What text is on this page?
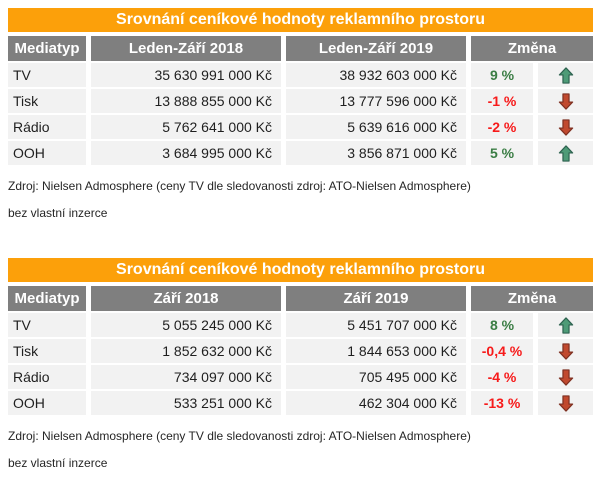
Srovnání ceníkové hodnoty reklamního prostoru
Mediatyp	Leden-Září 2018	Leden-Září 2019	Změna
TV	35 630 991 000 Kč	38 932 603 000 Kč	9 %
Tisk	13 888 855 000 Kč	13 777 596 000 Kč	-1 %
Rádio	5 762 641 000 Kč	5 639 616 000 Kč	-2 %
OOH	3 684 995 000 Kč	3 856 871 000 Kč	5 %

Zdroj: Nielsen Admosphere (ceny TV dle sledovanosti zdroj: ATO-Nielsen Admosphere)

bez vlastní inzerce

Srovnání ceníkové hodnoty reklamního prostoru
Mediatyp	Září 2018	Září 2019	Změna
TV	5 055 245 000 Kč	5 451 707 000 Kč	8 %
Tisk	1 852 632 000 Kč	1 844 653 000 Kč	-0,4 %
Rádio	734 097 000 Kč	705 495 000 Kč	-4 %
OOH	533 251 000 Kč	462 304 000 Kč	-13 %

Zdroj: Nielsen Admosphere (ceny TV dle sledovanosti zdroj: ATO-Nielsen Admosphere)

bez vlastní inzerce
